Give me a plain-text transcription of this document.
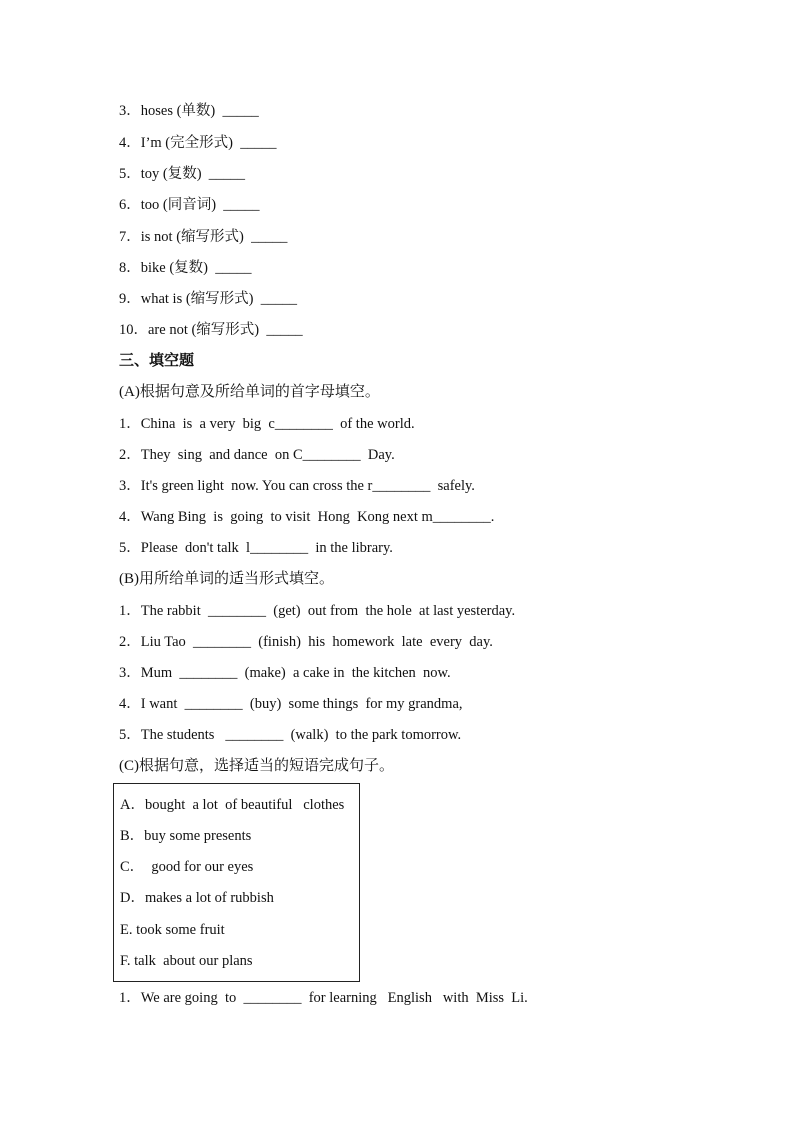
3．hoses (单数)  _____
4．I’m (完全形式)  _____
5．toy (复数)  _____
6．too (同音词)  _____
7．is not (缩写形式)  _____
8．bike (复数)  _____
9．what is (缩写形式)  _____
10．are not (缩写形式)  _____
三、填空题
(A)根据句意及所给单词的首字母填空。
1．China  is  a very  big  c________  of the world.
2．They  sing  and dance  on C________  Day.
3．It's green light  now. You can cross the r________  safely.
4．Wang Bing  is  going  to visit  Hong  Kong next m________.
5．Please  don't talk  l________  in the library.
(B)用所给单词的适当形式填空。
1．The rabbit  ________  (get)  out from  the hole  at last yesterday.
2．Liu Tao  ________  (finish)  his  homework  late  every  day.
3．Mum  ________  (make)  a cake in  the kitchen  now.
4．I want  ________  (buy)  some things  for my grandma,
5．The students   ________  (walk)  to the park tomorrow.
(C)根据句意，选择适当的短语完成句子。
A．bought  a lot  of beautiful   clothes
B．buy some presents
C．  good for our eyes
D．makes a lot of rubbish
E. took some fruit
F. talk  about our plans
1．We are going  to  ________  for learning   English   with  Miss  Li.
